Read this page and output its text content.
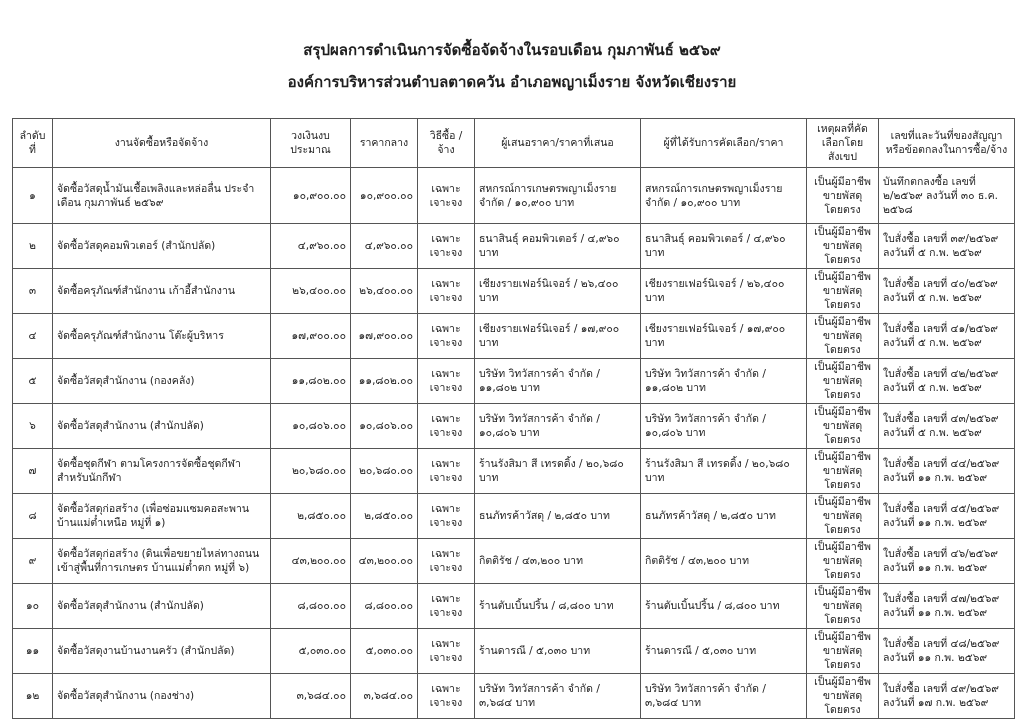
สรุปผลการดำเนินการจัดซื้อจัดจ้างในรอบเดือน กุมภาพันธ์ ๒๕๖๙
องค์การบริหารส่วนตำบลตาดควัน อำเภอพญาเม็งราย จังหวัดเชียงราย
ลำดับที่	งานจัดซื้อหรือจัดจ้าง	วงเงินงบประมาณ	ราคากลาง	วิธีซื้อ / จ้าง	ผู้เสนอราคา/ราคาที่เสนอ	ผู้ที่ได้รับการคัดเลือก/ราคา	เหตุผลที่คัดเลือกโดยสังเขป	เลขที่และวันที่ของสัญญาหรือข้อตกลงในการซื้อ/จ้าง
๑	จัดซื้อวัสดุน้ำมันเชื้อเพลิงและหล่อลื่น ประจำเดือน กุมภาพันธ์ ๒๕๖๙	๑๐,๙๐๐.๐๐	๑๐,๙๐๐.๐๐	เฉพาะเจาะจง	สหกรณ์การเกษตรพญาเม็งราย จำกัด / ๑๐,๙๐๐ บาท	สหกรณ์การเกษตรพญาเม็งราย จำกัด / ๑๐,๙๐๐ บาท	เป็นผู้มีอาชีพขายพัสดุโดยตรง	บันทึกตกลงซื้อ เลขที่ ๒/๒๕๖๙ ลงวันที่ ๓๐ ธ.ค. ๒๕๖๘
๒	จัดซื้อวัสดุคอมพิวเตอร์ (สำนักปลัด)	๔,๙๖๐.๐๐	๔,๙๖๐.๐๐	เฉพาะเจาะจง	ธนาสินธุ์ คอมพิวเตอร์ / ๔,๙๖๐ บาท	ธนาสินธุ์ คอมพิวเตอร์ / ๔,๙๖๐ บาท	เป็นผู้มีอาชีพขายพัสดุโดยตรง	ใบสั่งซื้อ เลขที่ ๓๙/๒๕๖๙ ลงวันที่ ๕ ก.พ. ๒๕๖๙
๓	จัดซื้อครุภัณฑ์สำนักงาน เก้าอี้สำนักงาน	๒๖,๔๐๐.๐๐	๒๖,๔๐๐.๐๐	เฉพาะเจาะจง	เชียงรายเฟอร์นิเจอร์ / ๒๖,๔๐๐ บาท	เชียงรายเฟอร์นิเจอร์ / ๒๖,๔๐๐ บาท	เป็นผู้มีอาชีพขายพัสดุโดยตรง	ใบสั่งซื้อ เลขที่ ๔๐/๒๕๖๙ ลงวันที่ ๕ ก.พ. ๒๕๖๙
๔	จัดซื้อครุภัณฑ์สำนักงาน โต๊ะผู้บริหาร	๑๗,๙๐๐.๐๐	๑๗,๙๐๐.๐๐	เฉพาะเจาะจง	เชียงรายเฟอร์นิเจอร์ / ๑๗,๙๐๐ บาท	เชียงรายเฟอร์นิเจอร์ / ๑๗,๙๐๐ บาท	เป็นผู้มีอาชีพขายพัสดุโดยตรง	ใบสั่งซื้อ เลขที่ ๔๑/๒๕๖๙ ลงวันที่ ๕ ก.พ. ๒๕๖๙
๕	จัดซื้อวัสดุสำนักงาน (กองคลัง)	๑๑,๘๐๒.๐๐	๑๑,๘๐๒.๐๐	เฉพาะเจาะจง	บริษัท วิทวัสการค้า จำกัด / ๑๑,๘๐๒ บาท	บริษัท วิทวัสการค้า จำกัด / ๑๑,๘๐๒ บาท	เป็นผู้มีอาชีพขายพัสดุโดยตรง	ใบสั่งซื้อ เลขที่ ๔๒/๒๕๖๙ ลงวันที่ ๕ ก.พ. ๒๕๖๙
๖	จัดซื้อวัสดุสำนักงาน (สำนักปลัด)	๑๐,๘๐๖.๐๐	๑๐,๘๐๖.๐๐	เฉพาะเจาะจง	บริษัท วิทวัสการค้า จำกัด / ๑๐,๘๐๖ บาท	บริษัท วิทวัสการค้า จำกัด / ๑๐,๘๐๖ บาท	เป็นผู้มีอาชีพขายพัสดุโดยตรง	ใบสั่งซื้อ เลขที่ ๔๓/๒๕๖๙ ลงวันที่ ๕ ก.พ. ๒๕๖๙
๗	จัดซื้อชุดกีฬา ตามโครงการจัดซื้อชุดกีฬาสำหรับนักกีฬา	๒๐,๖๘๐.๐๐	๒๐,๖๘๐.๐๐	เฉพาะเจาะจง	ร้านรังสิมา สี เทรดดิ้ง / ๒๐,๖๘๐ บาท	ร้านรังสิมา สี เทรดดิ้ง / ๒๐,๖๘๐ บาท	เป็นผู้มีอาชีพขายพัสดุโดยตรง	ใบสั่งซื้อ เลขที่ ๔๔/๒๕๖๙ ลงวันที่ ๑๑ ก.พ. ๒๕๖๙
๘	จัดซื้อวัสดุก่อสร้าง (เพื่อซ่อมแซมคอสะพาน บ้านแม่ต๋ำเหนือ หมู่ที่ ๑)	๒,๘๕๐.๐๐	๒,๘๕๐.๐๐	เฉพาะเจาะจง	ธนภัทรค้าวัสดุ / ๒,๘๕๐ บาท	ธนภัทรค้าวัสดุ / ๒,๘๕๐ บาท	เป็นผู้มีอาชีพขายพัสดุโดยตรง	ใบสั่งซื้อ เลขที่ ๔๕/๒๕๖๙ ลงวันที่ ๑๑ ก.พ. ๒๕๖๙
๙	จัดซื้อวัสดุก่อสร้าง (ดินเพื่อขยายไหล่ทางถนนเข้าสู่พื้นที่การเกษตร บ้านแม่ต๋ำตก หมู่ที่ ๖)	๔๓,๒๐๐.๐๐	๔๓,๒๐๐.๐๐	เฉพาะเจาะจง	กิตติรัช / ๔๓,๒๐๐ บาท	กิตติรัช / ๔๓,๒๐๐ บาท	เป็นผู้มีอาชีพขายพัสดุโดยตรง	ใบสั่งซื้อ เลขที่ ๔๖/๒๕๖๙ ลงวันที่ ๑๑ ก.พ. ๒๕๖๙
๑๐	จัดซื้อวัสดุสำนักงาน (สำนักปลัด)	๘,๘๐๐.๐๐	๘,๘๐๐.๐๐	เฉพาะเจาะจง	ร้านตับเบิ้นปริ้น / ๘,๘๐๐ บาท	ร้านตับเบิ้นปริ้น / ๘,๘๐๐ บาท	เป็นผู้มีอาชีพขายพัสดุโดยตรง	ใบสั่งซื้อ เลขที่ ๔๗/๒๕๖๙ ลงวันที่ ๑๑ ก.พ. ๒๕๖๙
๑๑	จัดซื้อวัสดุงานบ้านงานครัว (สำนักปลัด)	๕,๐๓๐.๐๐	๕,๐๓๐.๐๐	เฉพาะเจาะจง	ร้านดารณี / ๕,๐๓๐ บาท	ร้านดารณี / ๕,๐๓๐ บาท	เป็นผู้มีอาชีพขายพัสดุโดยตรง	ใบสั่งซื้อ เลขที่ ๔๘/๒๕๖๙ ลงวันที่ ๑๑ ก.พ. ๒๕๖๙
๑๒	จัดซื้อวัสดุสำนักงาน (กองช่าง)	๓,๖๘๔.๐๐	๓,๖๘๔.๐๐	เฉพาะเจาะจง	บริษัท วิทวัสการค้า จำกัด / ๓,๖๘๔ บาท	บริษัท วิทวัสการค้า จำกัด / ๓,๖๘๔ บาท	เป็นผู้มีอาชีพขายพัสดุโดยตรง	ใบสั่งซื้อ เลขที่ ๔๙/๒๕๖๙ ลงวันที่ ๑๗ ก.พ. ๒๕๖๙
